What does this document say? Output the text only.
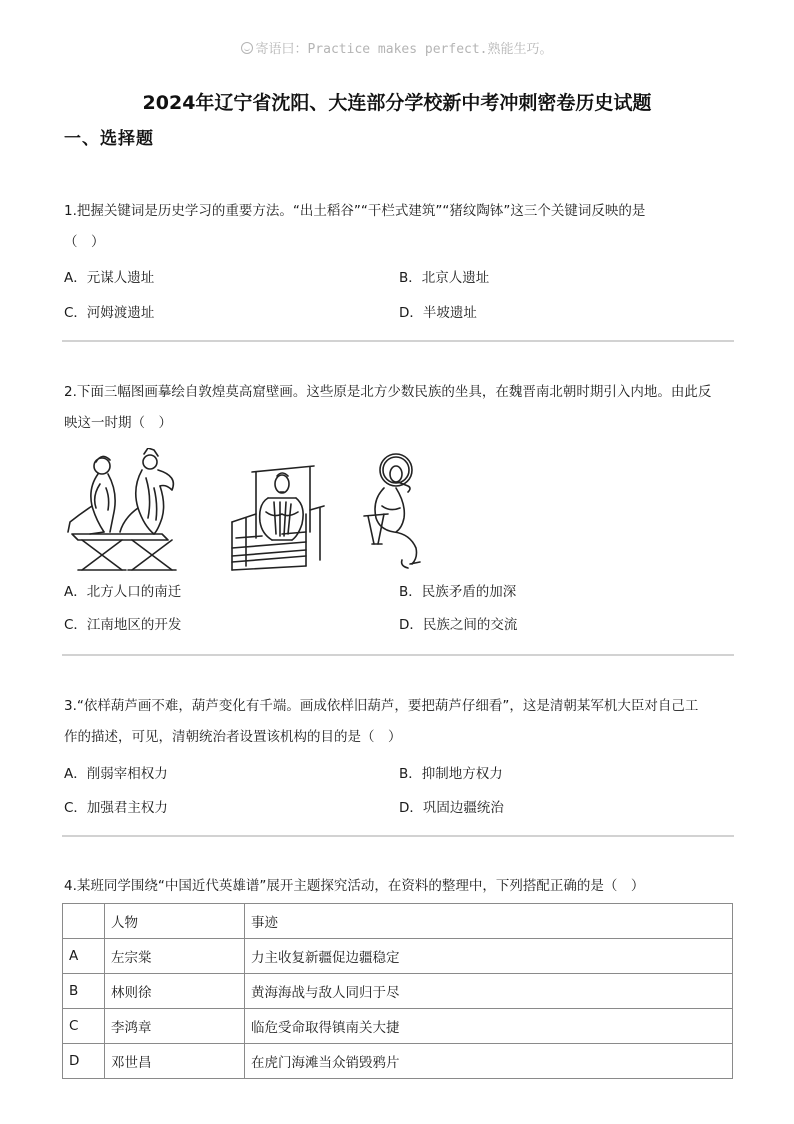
寄语曰：Practice makes perfect.熟能生巧。
2024年辽宁省沈阳、大连部分学校新中考冲刺密卷历史试题
一、选择题
1.把握关键词是历史学习的重要方法。“出土稻谷”“干栏式建筑”“猪纹陶钵”这三个关键词反映的是
（　）
A．元谋人遗址	B．北京人遗址
C．河姆渡遗址	D．半坡遗址
2.下面三幅图画摹绘自敦煌莫高窟壁画。这些原是北方少数民族的坐具，在魏晋南北朝时期引入内地。由此反
映这一时期（　）
A．北方人口的南迁	B．民族矛盾的加深
C．江南地区的开发	D．民族之间的交流
3.“依样葫芦画不难，葫芦变化有千端。画成依样旧葫芦，要把葫芦仔细看”，这是清朝某军机大臣对自己工
作的描述，可见，清朝统治者设置该机构的目的是（　）
A．削弱宰相权力	B．抑制地方权力
C．加强君主权力	D．巩固边疆统治
4.某班同学围绕“中国近代英雄谱”展开主题探究活动，在资料的整理中，下列搭配正确的是（　）
	人物	事迹
A	左宗棠	力主收复新疆促边疆稳定
B	林则徐	黄海海战与敌人同归于尽
C	李鸿章	临危受命取得镇南关大捷
D	邓世昌	在虎门海滩当众销毁鸦片
